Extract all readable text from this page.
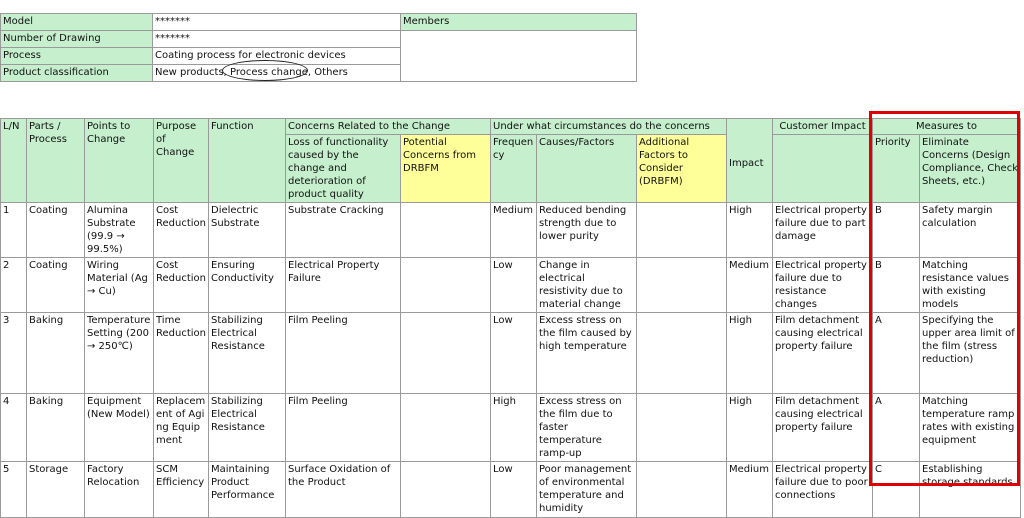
Model	*******	Members
Number of Drawing	*******	
Process	Coating process for electronic devices	
Product classification	New products, Process change, Others	
L/N	Parts / Process	Points to Change	Purpose of Change	Function	Concerns Related to the Change		Under what circumstances do the concerns			Impact	Customer Impact	Measures to	
					Loss of functionality caused by the change and deterioration of product quality	Potential Concerns from DRBFM	Frequency	Causes/Factors	Additional Factors to Consider (DRBFM)			Priority	Eliminate Concerns (Design Compliance, Check Sheets, etc.)
1	Coating	Alumina Substrate (99.9 → 99.5%)	Cost Reduction	Dielectric Substrate	Substrate Cracking		Medium	Reduced bending strength due to lower purity		High	Electrical property failure due to part damage	B	Safety margin calculation
2	Coating	Wiring Material (Ag → Cu)	Cost Reduction	Ensuring Conductivity	Electrical Property Failure		Low	Change in electrical resistivity due to material change		Medium	Electrical property failure due to resistance changes	B	Matching resistance values with existing models
3	Baking	Temperature Setting (200 → 250℃)	Time Reduction	Stabilizing Electrical Resistance	Film Peeling		Low	Excess stress on the film caused by high temperature		High	Film detachment causing electrical property failure	A	Specifying the upper area limit of the film (stress reduction)
4	Baking	Equipment (New Model)	Replacement of Aging Equipment	Stabilizing Electrical Resistance	Film Peeling		High	Excess stress on the film due to faster temperature ramp-up		High	Film detachment causing electrical property failure	A	Matching temperature ramp rates with existing equipment
5	Storage	Factory Relocation	SCM Efficiency	Maintaining Product Performance	Surface Oxidation of the Product		Low	Poor management of environmental temperature and humidity		Medium	Electrical property failure due to poor connections	C	Establishing storage standards
